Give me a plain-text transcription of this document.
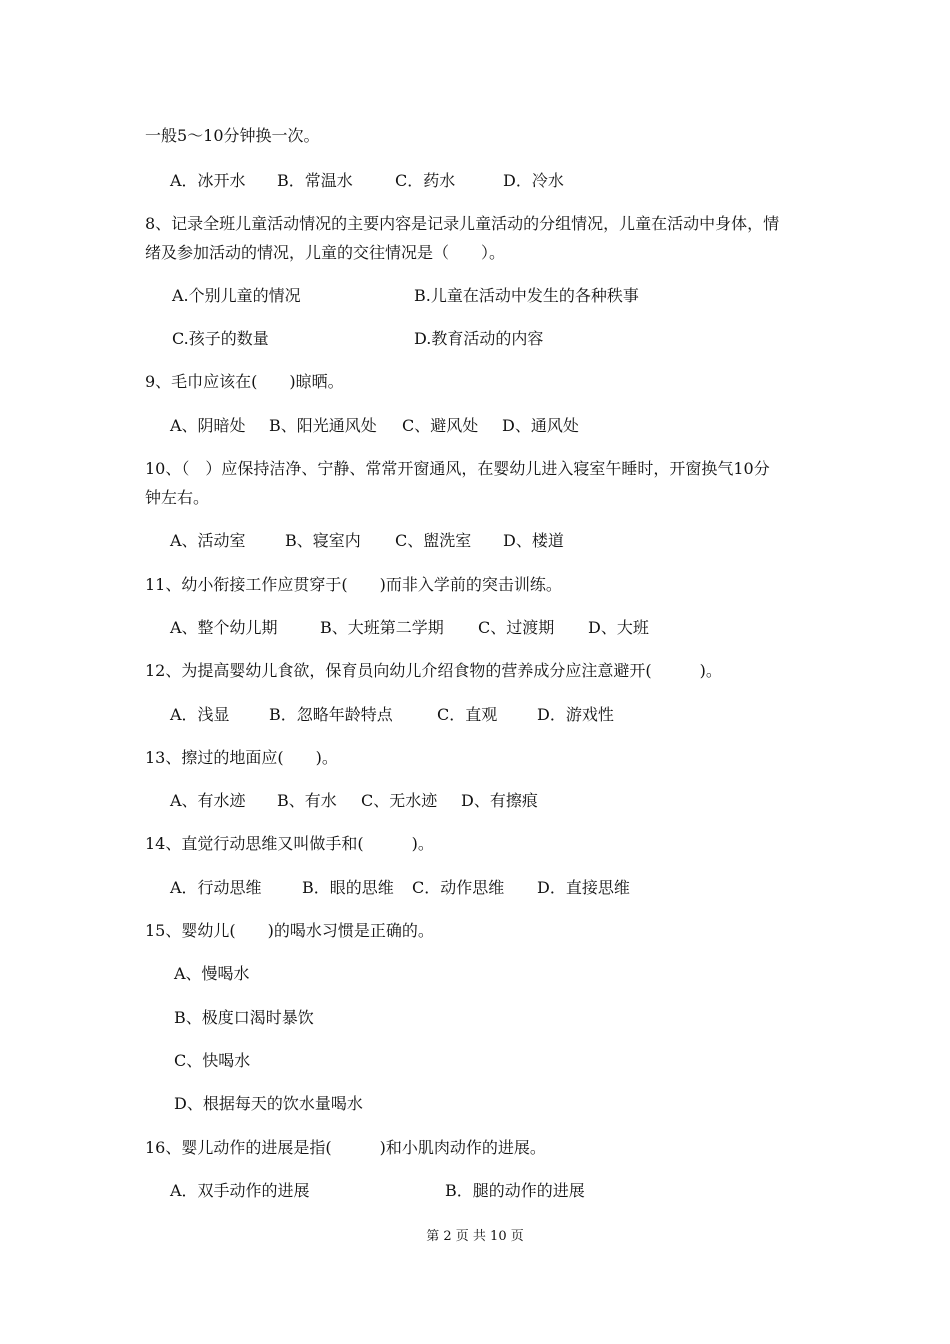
一般5～10分钟换一次。
A．冰开水 B．常温水	C．药水	D．冷水
8、记录全班儿童活动情况的主要内容是记录儿童活动的分组情况，儿童在活动中身体，情
绪及参加活动的情况，儿童的交往情况是（　　）。
A.个别儿童的情况	B.儿童在活动中发生的各种秩事
C.孩子的数量	D.教育活动的内容
9、毛巾应该在(　　)晾晒。
A、阴暗处 B、阳光通风处 C、避风处 D、通风处
10、（　）应保持洁净、宁静、常常开窗通风，在婴幼儿进入寝室午睡时，开窗换气10分
钟左右。
A、活动室 B、寝室内 C、盥洗室 D、楼道
11、幼小衔接工作应贯穿于(　　)而非入学前的突击训练。
A、整个幼儿期	B、大班第二学期 C、过渡期 D、大班
12、为提高婴幼儿食欲，保育员向幼儿介绍食物的营养成分应注意避开(　　　)。
A．浅显 B．忽略年龄特点	C．直观 D．游戏性
13、擦过的地面应(　　)。
A、有水迹 B、有水 C、无水迹 D、有擦痕
14、直觉行动思维又叫做手和(　　　)。
A．行动思维	B．眼的思维 C．动作思维 D．直接思维
15、婴幼儿(　　)的喝水习惯是正确的。
A、慢喝水
B、极度口渴时暴饮
C、快喝水
D、根据每天的饮水量喝水
16、婴儿动作的进展是指(　　　)和小肌肉动作的进展。
A．双手动作的进展	B．腿的动作的进展
第 2 页 共 10 页
